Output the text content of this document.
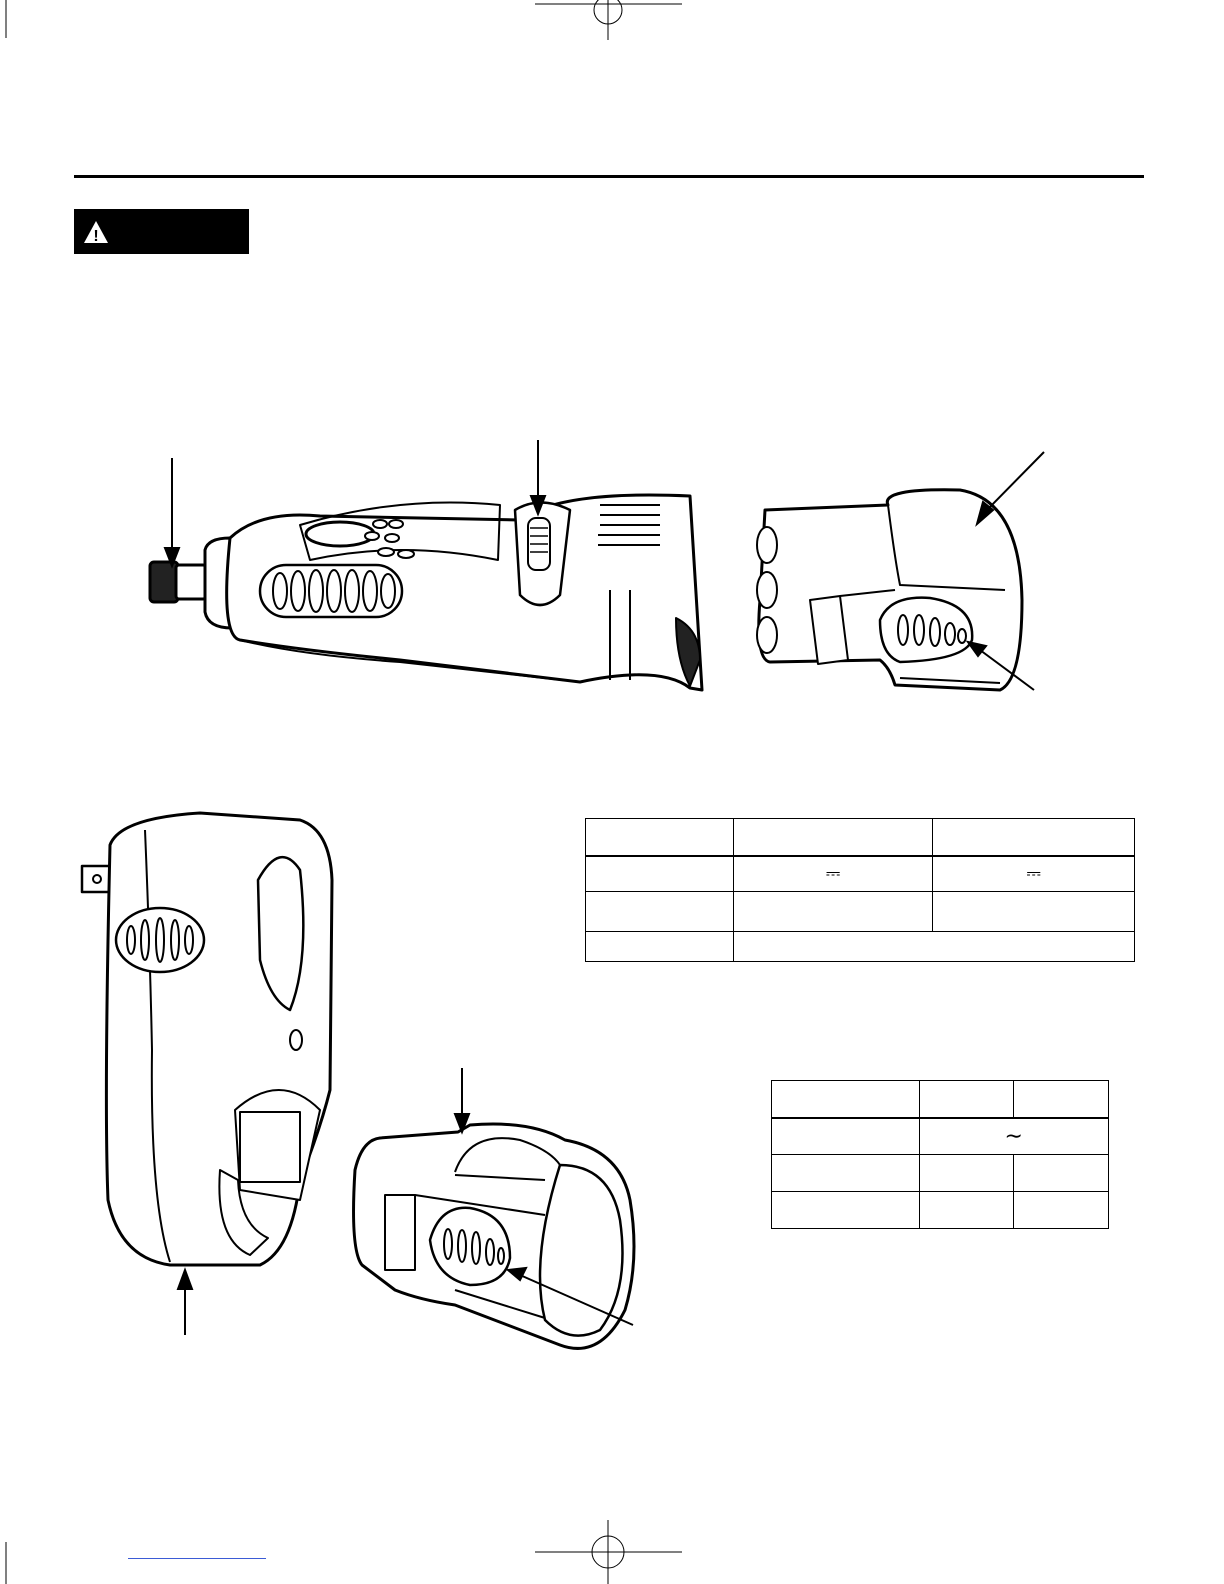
!

	⎓	⎓

	∼	
